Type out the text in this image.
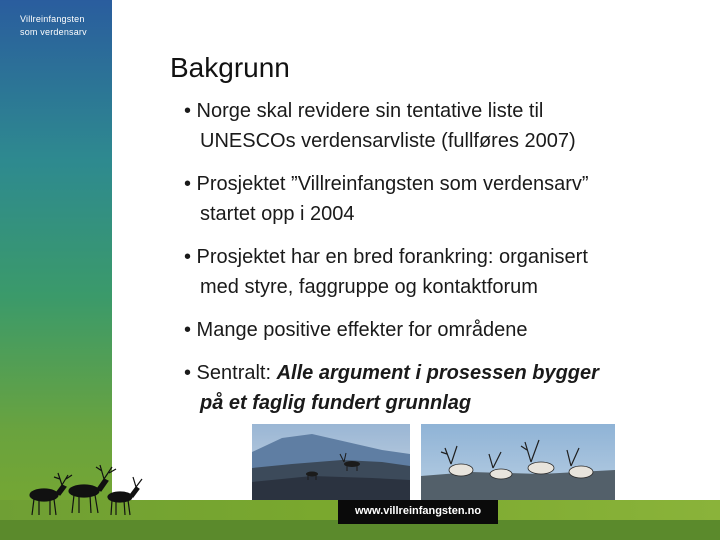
Villreinfangsten
som verdensarv
Bakgrunn
• Norge skal revidere sin tentative liste til
UNESCOs verdensarvliste (fullføres 2007)
• Prosjektet ”Villreinfangsten som verdensarv”
startet opp i 2004
• Prosjektet har en bred forankring: organisert
med styre, faggruppe og kontaktforum
• Mange positive effekter for områdene
• Sentralt: Alle argument i prosessen bygger
på et faglig fundert grunnlag
www.villreinfangsten.no
